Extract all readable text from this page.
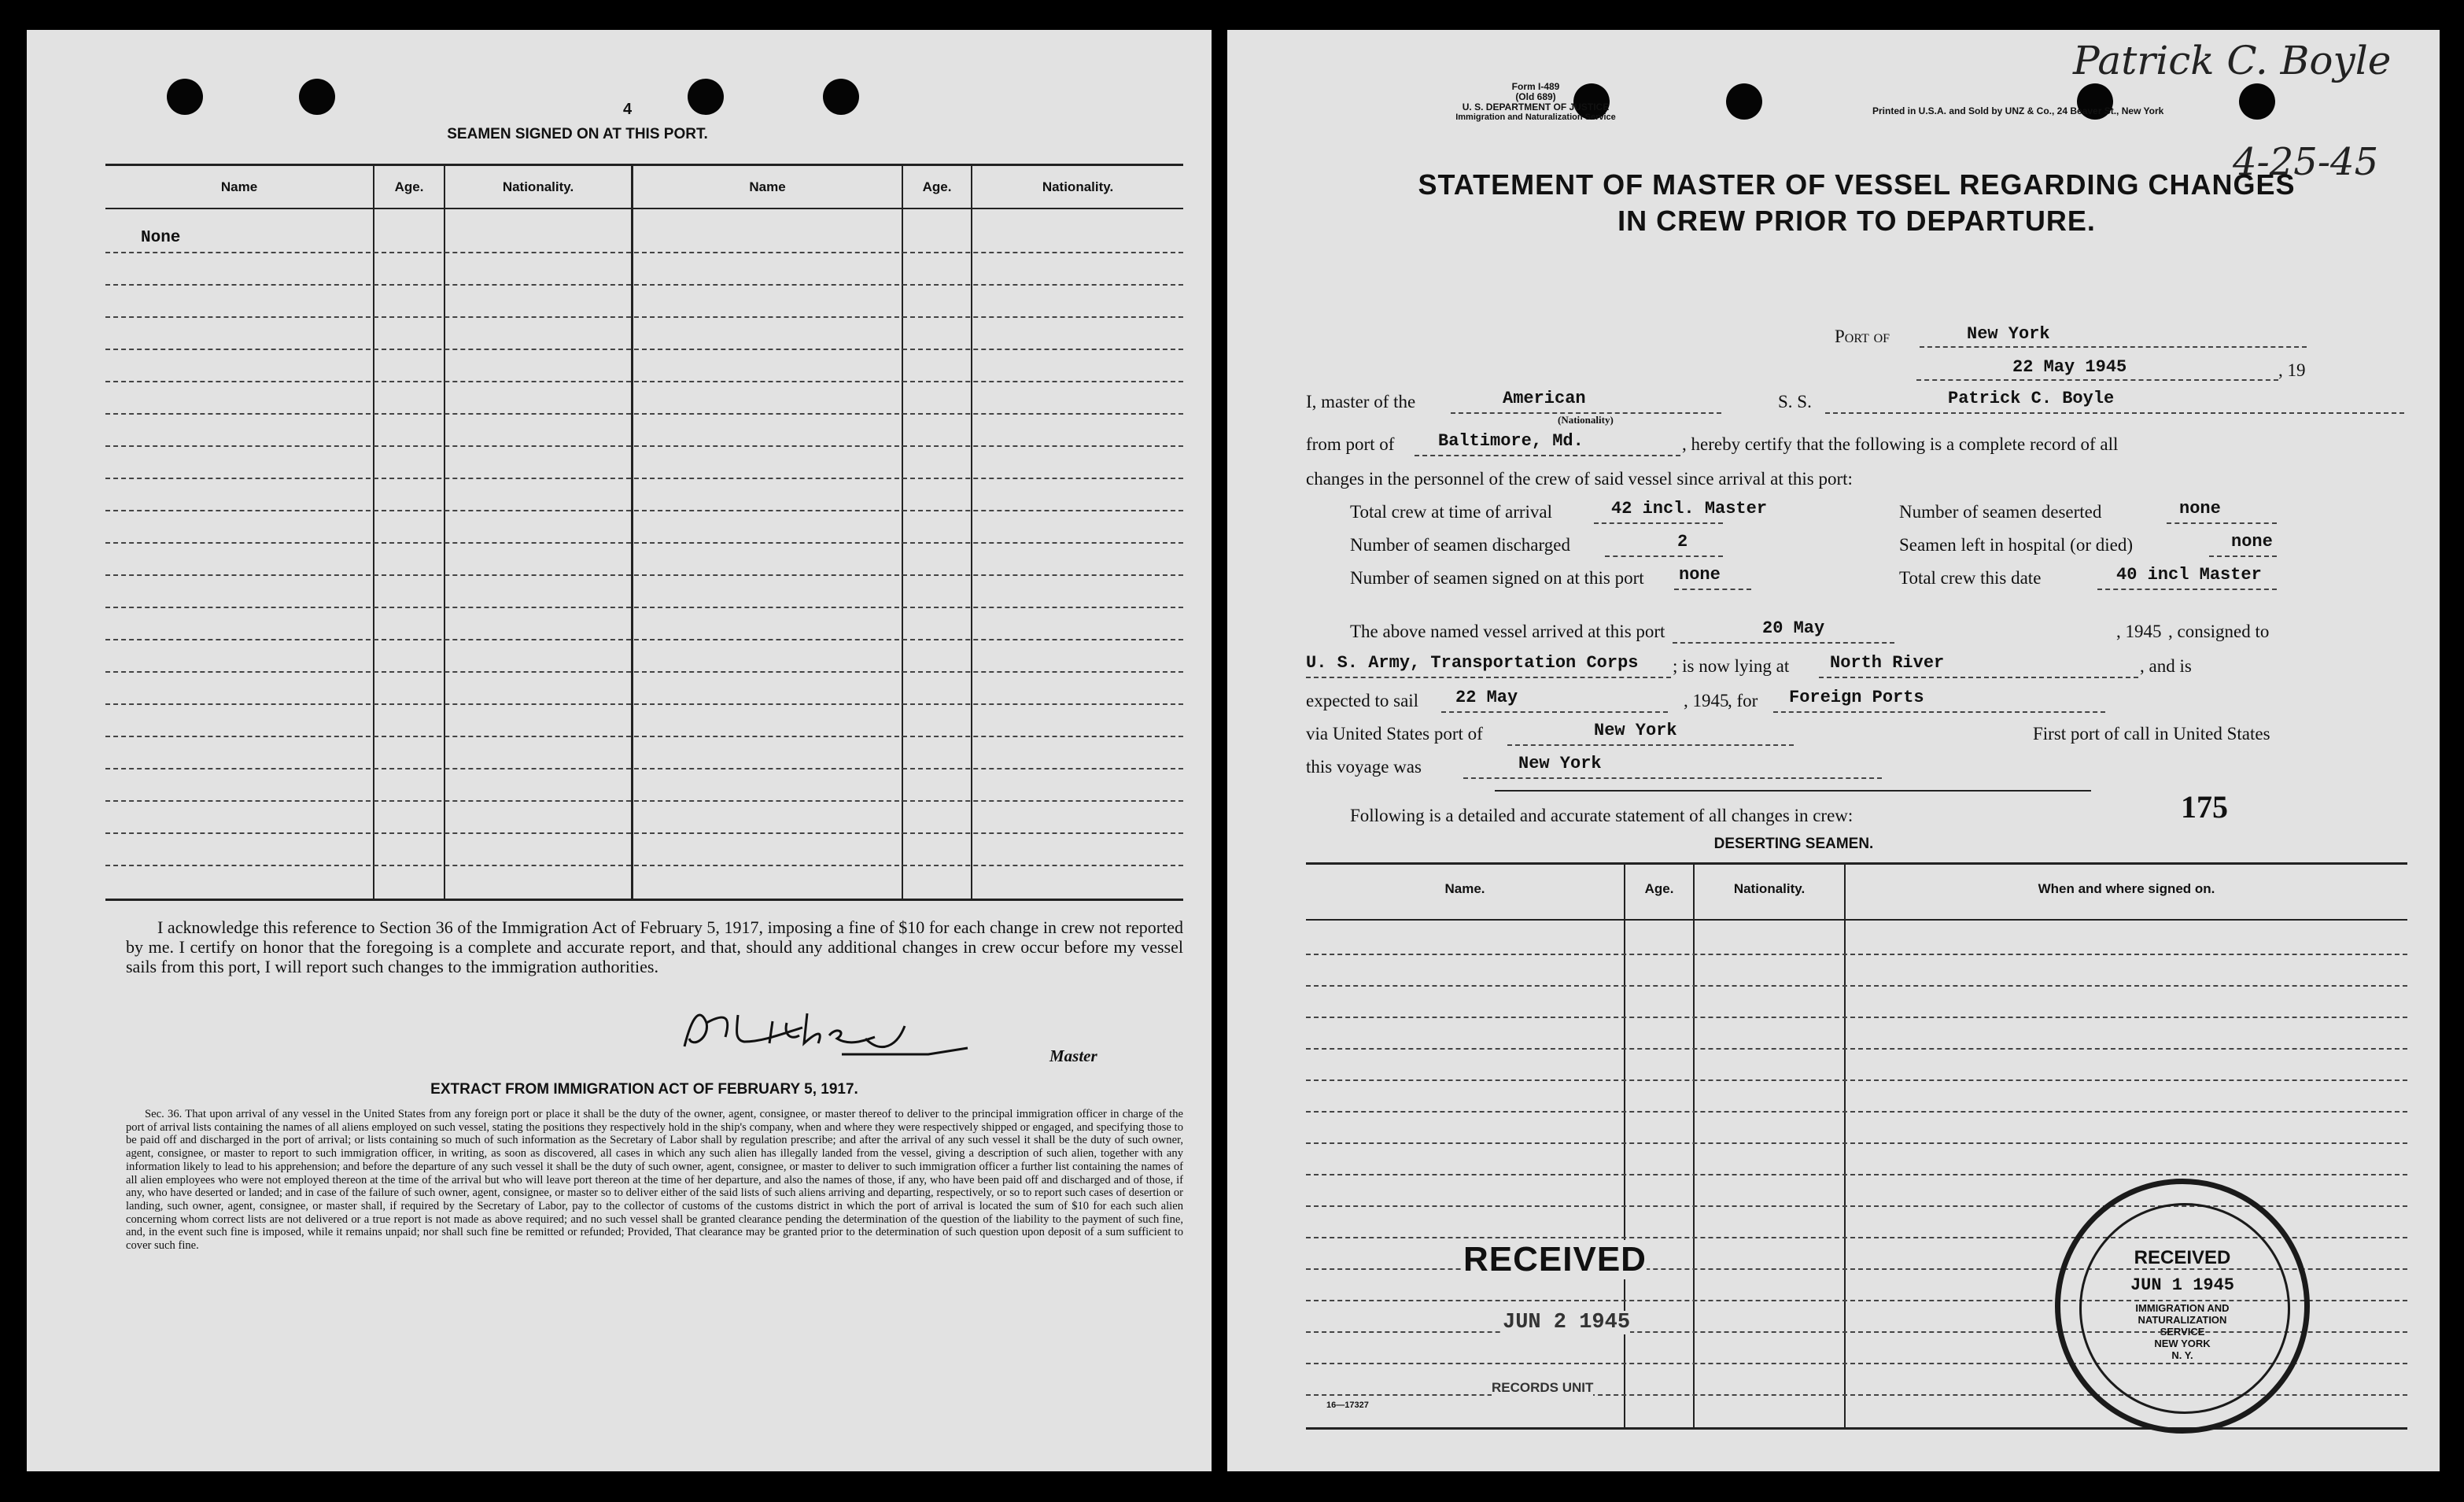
4
SEAMEN SIGNED ON AT THIS PORT.
Name	Age.	Nationality.	Name	Age.	Nationality.
None
I acknowledge this reference to Section 36 of the Immigration Act of February 5, 1917, imposing a fine of $10 for each change in crew not reported by me. I certify on honor that the foregoing is a complete and accurate report, and that, should any additional changes in crew occur before my vessel sails from this port, I will report such changes to the immigration authorities.
P.L.Hickey
Master
EXTRACT FROM IMMIGRATION ACT OF FEBRUARY 5, 1917.
Sec. 36. That upon arrival of any vessel in the United States from any foreign port or place it shall be the duty of the owner, agent, consignee, or master thereof to deliver to the principal immigration officer in charge of the port of arrival lists containing the names of all aliens employed on such vessel, stating the positions they respectively hold in the ship's company, when and where they were respectively shipped or engaged, and specifying those to be paid off and discharged in the port of arrival; or lists containing so much of such information as the Secretary of Labor shall by regulation prescribe; and after the arrival of any such vessel it shall be the duty of such owner, agent, consignee, or master to report to such immigration officer, in writing, as soon as discovered, all cases in which any such alien has illegally landed from the vessel, giving a description of such alien, together with any information likely to lead to his apprehension; and before the departure of any such vessel it shall be the duty of such owner, agent, consignee, or master to deliver to such immigration officer a further list containing the names of all alien employees who were not employed thereon at the time of the arrival but who will leave port thereon at the time of her departure, and also the names of those, if any, who have been paid off and discharged and of those, if any, who have deserted or landed; and in case of the failure of such owner, agent, consignee, or master so to deliver either of the said lists of such aliens arriving and departing, respectively, or so to report such cases of desertion or landing, such owner, agent, consignee, or master shall, if required by the Secretary of Labor, pay to the collector of customs of the customs district in which the port of arrival is located the sum of $10 for each such alien concerning whom correct lists are not delivered or a true report is not made as above required; and no such vessel shall be granted clearance pending the determination of the question of the liability to the payment of such fine, and, in the event such fine is imposed, while it remains unpaid; nor shall such fine be remitted or refunded; Provided, That clearance may be granted prior to the determination of such question upon deposit of a sum sufficient to cover such fine.
Form I-489
(Old 689)
U. S. DEPARTMENT OF JUSTICE
Immigration and Naturalization Service
Printed in U.S.A. and Sold by UNZ & Co., 24 Beaver St., New York
Patrick C. Boyle
4-25-45
STATEMENT OF MASTER OF VESSEL REGARDING CHANGES
IN CREW PRIOR TO DEPARTURE.
Port of	New York
22 May 1945	, 19
I, master of the	American
(Nationality)
S. S.	Patrick C. Boyle
from port of	Baltimore, Md.	, hereby certify that the following is a complete record of all
changes in the personnel of the crew of said vessel since arrival at this port:
Total crew at time of arrival	42 incl. Master	Number of seamen deserted	none
Number of seamen discharged	2	Seamen left in hospital (or died)	none
Number of seamen signed on at this port none	Total crew this date	40 incl Master
The above named vessel arrived at this port	20 May	, 1945 , consigned to
U. S. Army, Transportation Corps ; is now lying at North River	, and is
expected to sail 22 May	, 1945
, for Foreign Ports
via United States port of	New York	First port of call in United States
this voyage was	New York
Following is a detailed and accurate statement of all changes in crew:	175
DESERTING SEAMEN.
Name.	Age.	Nationality.	When and where signed on.
RECEIVED
JUN 2 1945
RECORDS UNIT
16—17327
RECEIVED
JUN 1 1945
IMMIGRATION AND
NATURALIZATION
SERVICE
NEW YORK
N. Y.
